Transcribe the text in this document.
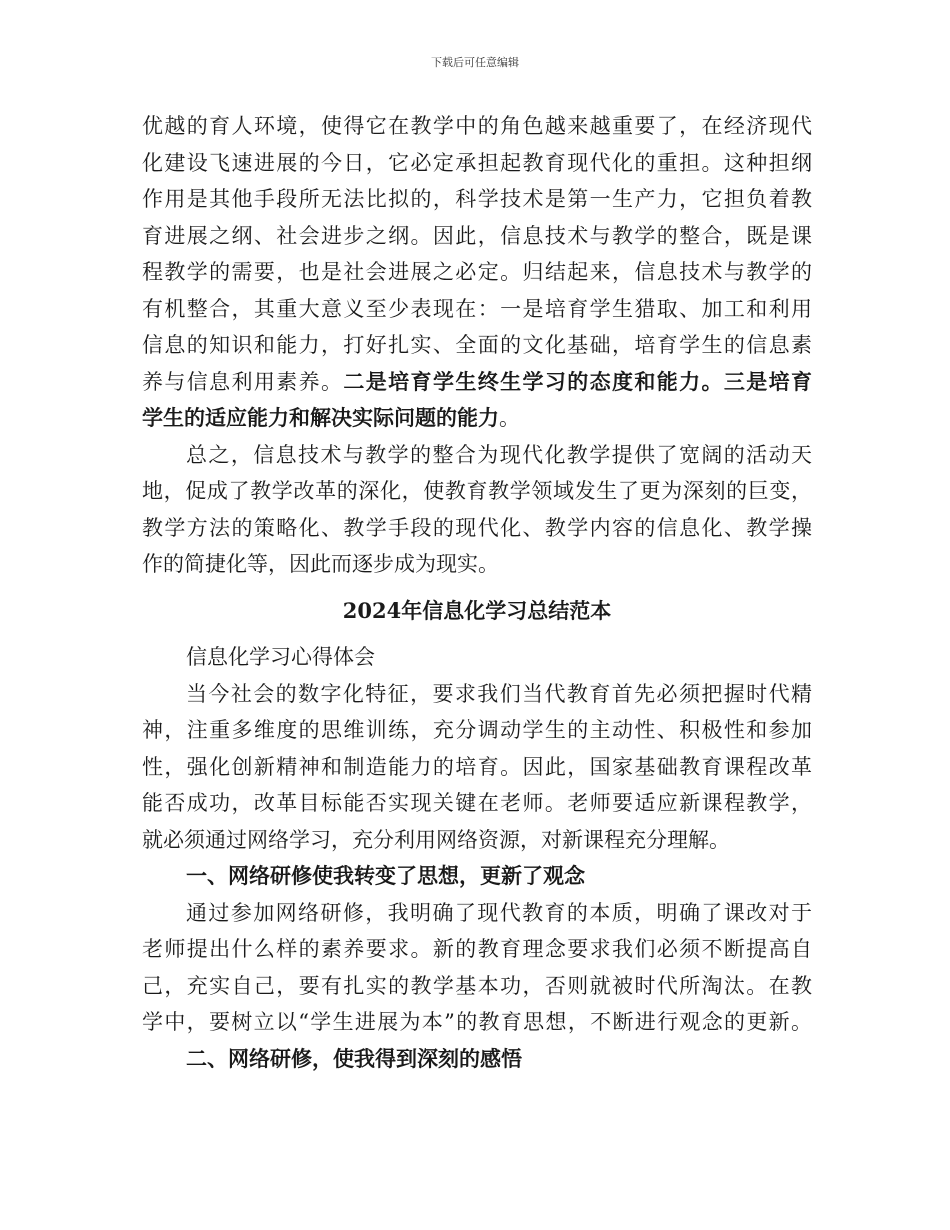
下载后可任意编辑
优越的育人环境，使得它在教学中的角色越来越重要了，在经济现代
化建设飞速进展的今日，它必定承担起教育现代化的重担。这种担纲
作用是其他手段所无法比拟的，科学技术是第一生产力，它担负着教
育进展之纲、社会进步之纲。因此，信息技术与教学的整合，既是课
程教学的需要，也是社会进展之必定。归结起来，信息技术与教学的
有机整合，其重大意义至少表现在：一是培育学生猎取、加工和利用
信息的知识和能力，打好扎实、全面的文化基础，培育学生的信息素
养与信息利用素养。二是培育学生终生学习的态度和能力。三是培育
学生的适应能力和解决实际问题的能力。
总之，信息技术与教学的整合为现代化教学提供了宽阔的活动天
地，促成了教学改革的深化，使教育教学领域发生了更为深刻的巨变，
教学方法的策略化、教学手段的现代化、教学内容的信息化、教学操
作的简捷化等，因此而逐步成为现实。
2024年信息化学习总结范本
信息化学习心得体会
当今社会的数字化特征，要求我们当代教育首先必须把握时代精
神，注重多维度的思维训练，充分调动学生的主动性、积极性和参加
性，强化创新精神和制造能力的培育。因此，国家基础教育课程改革
能否成功，改革目标能否实现关键在老师。老师要适应新课程教学，
就必须通过网络学习，充分利用网络资源，对新课程充分理解。
一、网络研修使我转变了思想，更新了观念
通过参加网络研修，我明确了现代教育的本质，明确了课改对于
老师提出什么样的素养要求。新的教育理念要求我们必须不断提高自
己，充实自己，要有扎实的教学基本功，否则就被时代所淘汰。在教
学中，要树立以“学生进展为本”的教育思想，不断进行观念的更新。
二、网络研修，使我得到深刻的感悟
